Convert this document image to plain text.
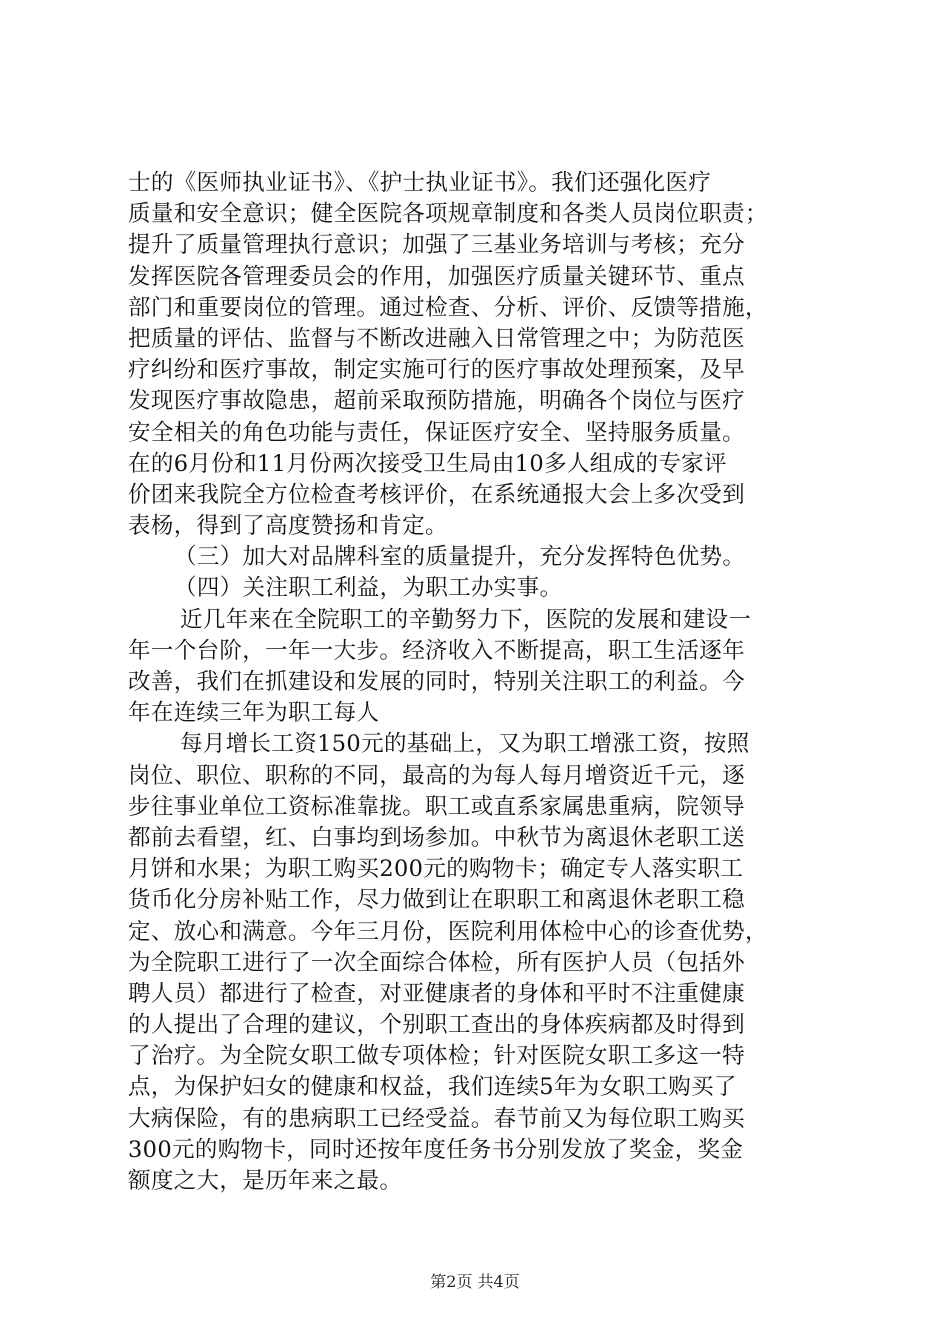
士的《医师执业证书》、《护士执业证书》。我们还强化医疗
质量和安全意识；健全医院各项规章制度和各类人员岗位职责；
提升了质量管理执行意识；加强了三基业务培训与考核；充分
发挥医院各管理委员会的作用，加强医疗质量关键环节、重点
部门和重要岗位的管理。通过检查、分析、评价、反馈等措施，
把质量的评估、监督与不断改进融入日常管理之中；为防范医
疗纠纷和医疗事故，制定实施可行的医疗事故处理预案，及早
发现医疗事故隐患，超前采取预防措施，明确各个岗位与医疗
安全相关的角色功能与责任，保证医疗安全、坚持服务质量。
在的6月份和11月份两次接受卫生局由10多人组成的专家评
价团来我院全方位检查考核评价，在系统通报大会上多次受到
表杨，得到了高度赞扬和肯定。
（三）加大对品牌科室的质量提升，充分发挥特色优势。
（四）关注职工利益，为职工办实事。
近几年来在全院职工的辛勤努力下，医院的发展和建设一
年一个台阶，一年一大步。经济收入不断提高，职工生活逐年
改善，我们在抓建设和发展的同时，特别关注职工的利益。今
年在连续三年为职工每人
每月增长工资150元的基础上，又为职工增涨工资，按照
岗位、职位、职称的不同，最高的为每人每月增资近千元，逐
步往事业单位工资标准靠拢。职工或直系家属患重病，院领导
都前去看望，红、白事均到场参加。中秋节为离退休老职工送
月饼和水果；为职工购买200元的购物卡；确定专人落实职工
货币化分房补贴工作，尽力做到让在职职工和离退休老职工稳
定、放心和满意。今年三月份，医院利用体检中心的诊查优势，
为全院职工进行了一次全面综合体检，所有医护人员（包括外
聘人员）都进行了检查，对亚健康者的身体和平时不注重健康
的人提出了合理的建议，个别职工查出的身体疾病都及时得到
了治疗。为全院女职工做专项体检；针对医院女职工多这一特
点，为保护妇女的健康和权益，我们连续5年为女职工购买了
大病保险，有的患病职工已经受益。春节前又为每位职工购买
300元的购物卡，同时还按年度任务书分别发放了奖金，奖金
额度之大，是历年来之最。
第2页 共4页
